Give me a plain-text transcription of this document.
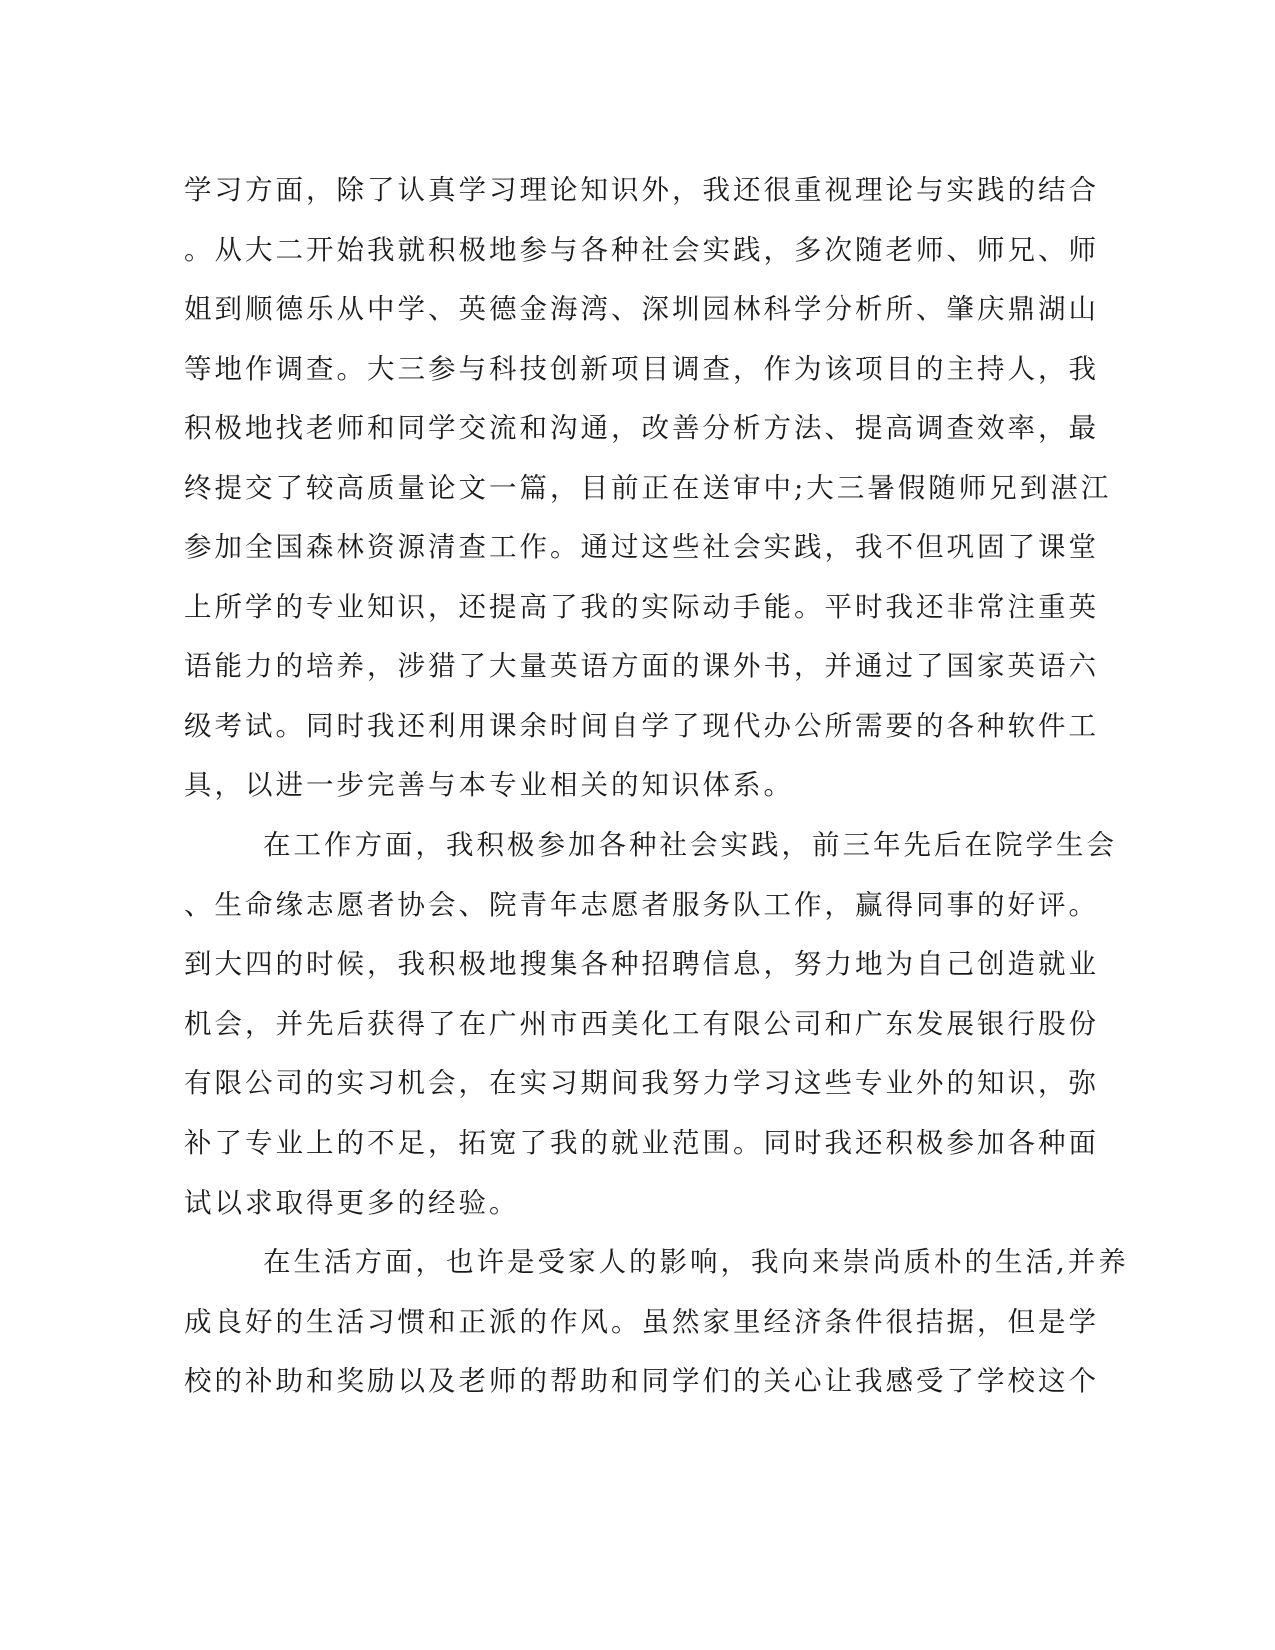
学习方面，除了认真学习理论知识外，我还很重视理论与实践的结合
。从大二开始我就积极地参与各种社会实践，多次随老师、师兄、师
姐到顺德乐从中学、英德金海湾、深圳园林科学分析所、肇庆鼎湖山
等地作调查。大三参与科技创新项目调查，作为该项目的主持人，我
积极地找老师和同学交流和沟通，改善分析方法、提高调查效率，最
终提交了较高质量论文一篇，目前正在送审中;大三暑假随师兄到湛江
参加全国森林资源清查工作。通过这些社会实践，我不但巩固了课堂
上所学的专业知识，还提高了我的实际动手能。平时我还非常注重英
语能力的培养，涉猎了大量英语方面的课外书，并通过了国家英语六
级考试。同时我还利用课余时间自学了现代办公所需要的各种软件工
具，以进一步完善与本专业相关的知识体系。
在工作方面，我积极参加各种社会实践，前三年先后在院学生会
、生命缘志愿者协会、院青年志愿者服务队工作，赢得同事的好评。
到大四的时候，我积极地搜集各种招聘信息，努力地为自己创造就业
机会，并先后获得了在广州市西美化工有限公司和广东发展银行股份
有限公司的实习机会，在实习期间我努力学习这些专业外的知识，弥
补了专业上的不足，拓宽了我的就业范围。同时我还积极参加各种面
试以求取得更多的经验。
在生活方面，也许是受家人的影响，我向来崇尚质朴的生活,并养
成良好的生活习惯和正派的作风。虽然家里经济条件很拮据，但是学
校的补助和奖励以及老师的帮助和同学们的关心让我感受了学校这个
